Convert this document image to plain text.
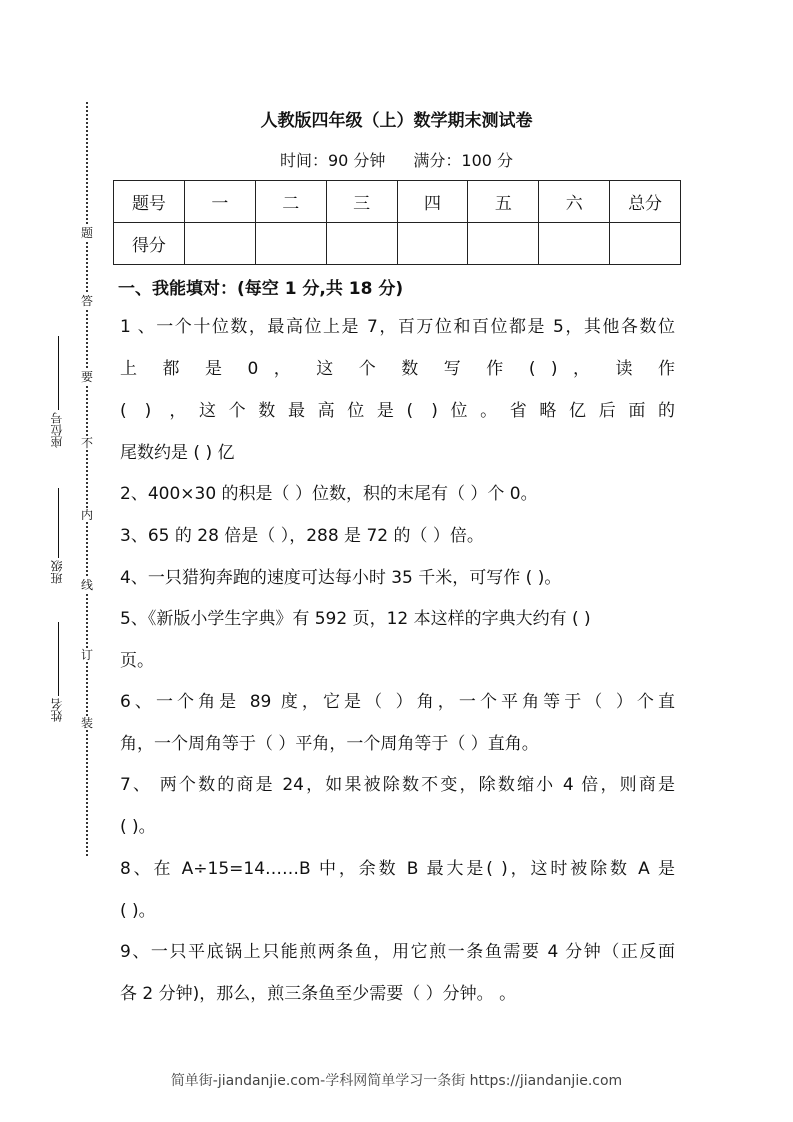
题
答
要
不
内
线
订
装
座位号
班级
姓名
人教版四年级（上）数学期末测试卷
时间：90 分钟 满分：100 分
题号	一	二	三	四	五	六	总分
得分							
一、我能填对：(每空 1 分,共 18 分)
1 、一个十位数，最高位上是 7，百万位和百位都是 5，其他各数位
上 都 是 0 ， 这 个 数 写 作 ( ) ， 读 作
( ) ，这个数最高位是( )位。省略亿后面的
尾数约是 ( ) 亿
2、400×30 的积是（ ）位数，积的末尾有（ ）个 0。
3、65 的 28 倍是（ ），288 是 72 的（ ）倍。
4、一只猎狗奔跑的速度可达每小时 35 千米，可写作 ( )。
5、《新版小学生字典》有 592 页，12 本这样的字典大约有 ( )
页。
6、一个角是 89 度，它是（ ）角，一个平角等于（ ）个直
角，一个周角等于（ ）平角，一个周角等于（ ）直角。
7、 两个数的商是 24，如果被除数不变，除数缩小 4 倍，则商是
( )。
8、在 A÷15=14……B 中，余数 B 最大是( )，这时被除数 A 是
( )。
9、一只平底锅上只能煎两条鱼，用它煎一条鱼需要 4 分钟（正反面
各 2 分钟)，那么，煎三条鱼至少需要（ ）分钟。 。
简单街-jiandanjie.com-学科网简单学习一条街 https://jiandanjie.com
